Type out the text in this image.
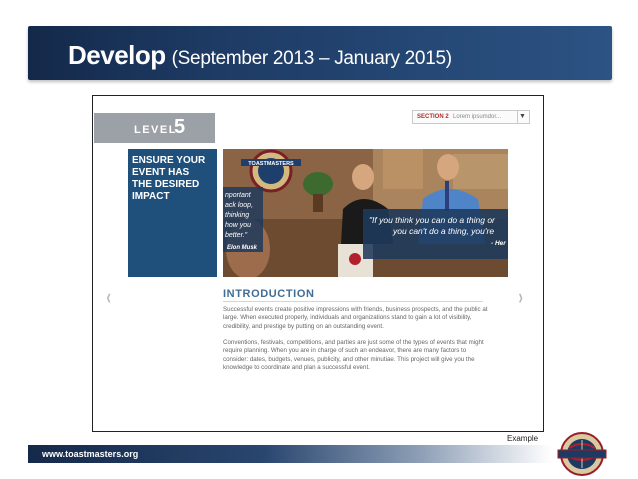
Develop (September 2013 – January 2015)
LEVEL
5	SECTION 2 Lorem ipsumdor...	▼
ENSURE YOUR
EVENT HAS
THE DESIRED
IMPACT
TOASTMASTERS
nportant
ack loop,
thinking
how you
better."
Elon Musk
"If you think you can do a thing or
you can't do a thing, you're
- Her
INTRODUCTION
Successful events create positive impressions with friends, business prospects, and the public at large. When executed properly, individuals and organizations stand to gain a lot of visibility, credibility, and prestige by putting on an outstanding event.
Conventions, festivals, competitions, and parties are just some of the types of events that might require planning. When you are in charge of such an endeavor, there are many factors to consider: dates, budgets, venues, publicity, and other minutiae. This project will give you the knowledge to coordinate and plan a successful event.
‹	›
Example
www.toastmasters.org
